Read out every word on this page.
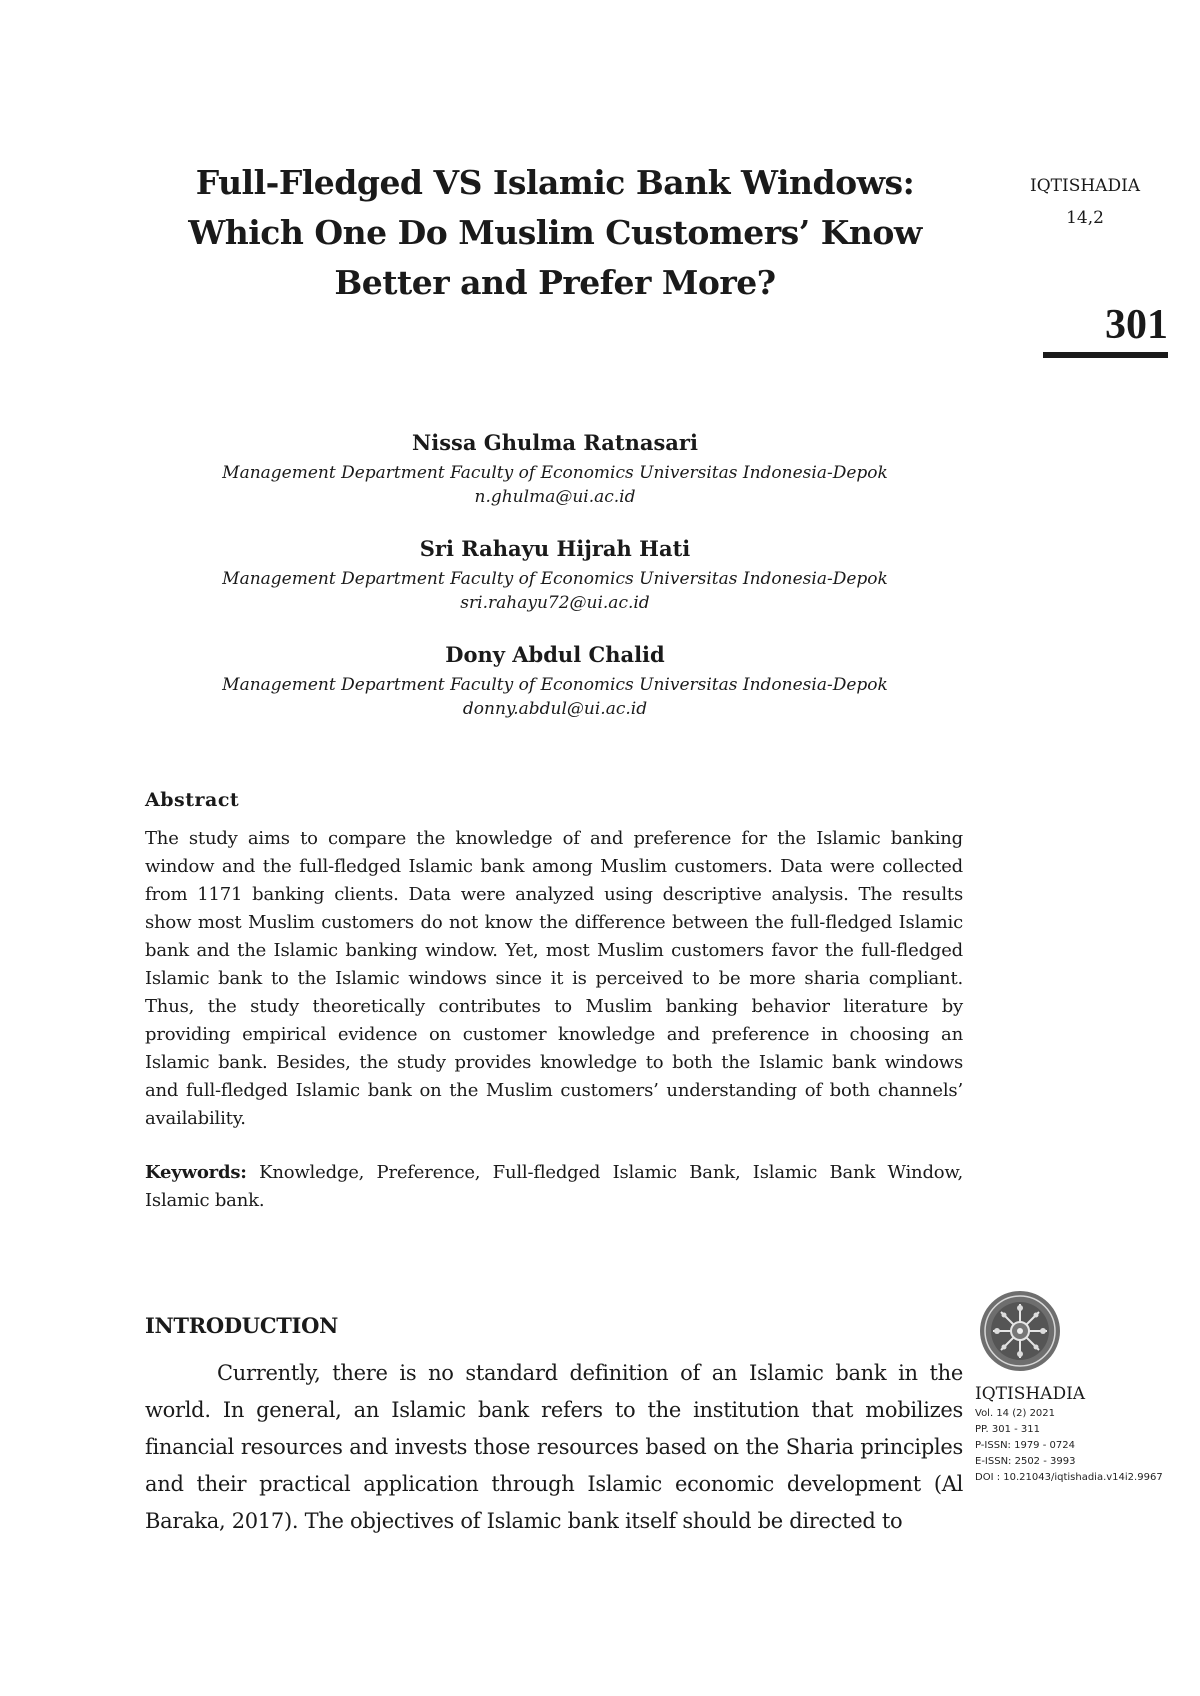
Full-Fledged VS Islamic Bank Windows:
Which One Do Muslim Customers’ Know
Better and Prefer More?
IQTISHADIA
14,2
301
Nissa Ghulma Ratnasari
Management Department Faculty of Economics Universitas Indonesia-Depok
n.ghulma@ui.ac.id
Sri Rahayu Hijrah Hati
Management Department Faculty of Economics Universitas Indonesia-Depok
sri.rahayu72@ui.ac.id
Dony Abdul Chalid
Management Department Faculty of Economics Universitas Indonesia-Depok
donny.abdul@ui.ac.id
Abstract
The study aims to compare the knowledge of and preference for the Islamic banking window and the full-fledged Islamic bank among Muslim customers. Data were collected from 1171 banking clients. Data were analyzed using descriptive analysis. The results show most Muslim customers do not know the difference between the full-fledged Islamic bank and the Islamic banking window. Yet, most Muslim customers favor the full-fledged Islamic bank to the Islamic windows since it is perceived to be more sharia compliant. Thus, the study theoretically contributes to Muslim banking behavior literature by providing empirical evidence on customer knowledge and preference in choosing an Islamic bank. Besides, the study provides knowledge to both the Islamic bank windows and full-fledged Islamic bank on the Muslim customers’ understanding of both channels’ availability.
Keywords: Knowledge, Preference, Full-fledged Islamic Bank, Islamic Bank Window, Islamic bank.
INTRODUCTION

Currently, there is no standard definition of an Islamic bank in the world. In general, an Islamic bank refers to the institution that mobilizes financial resources and invests those resources based on the Sharia principles and their practical application through Islamic economic development (Al Baraka, 2017). The objectives of Islamic bank itself should be directed to

IQTISHADIA
Vol. 14 (2) 2021
PP. 301 - 311
P-ISSN: 1979 - 0724
E-ISSN: 2502 - 3993
DOI : 10.21043/iqtishadia.v14i2.9967
